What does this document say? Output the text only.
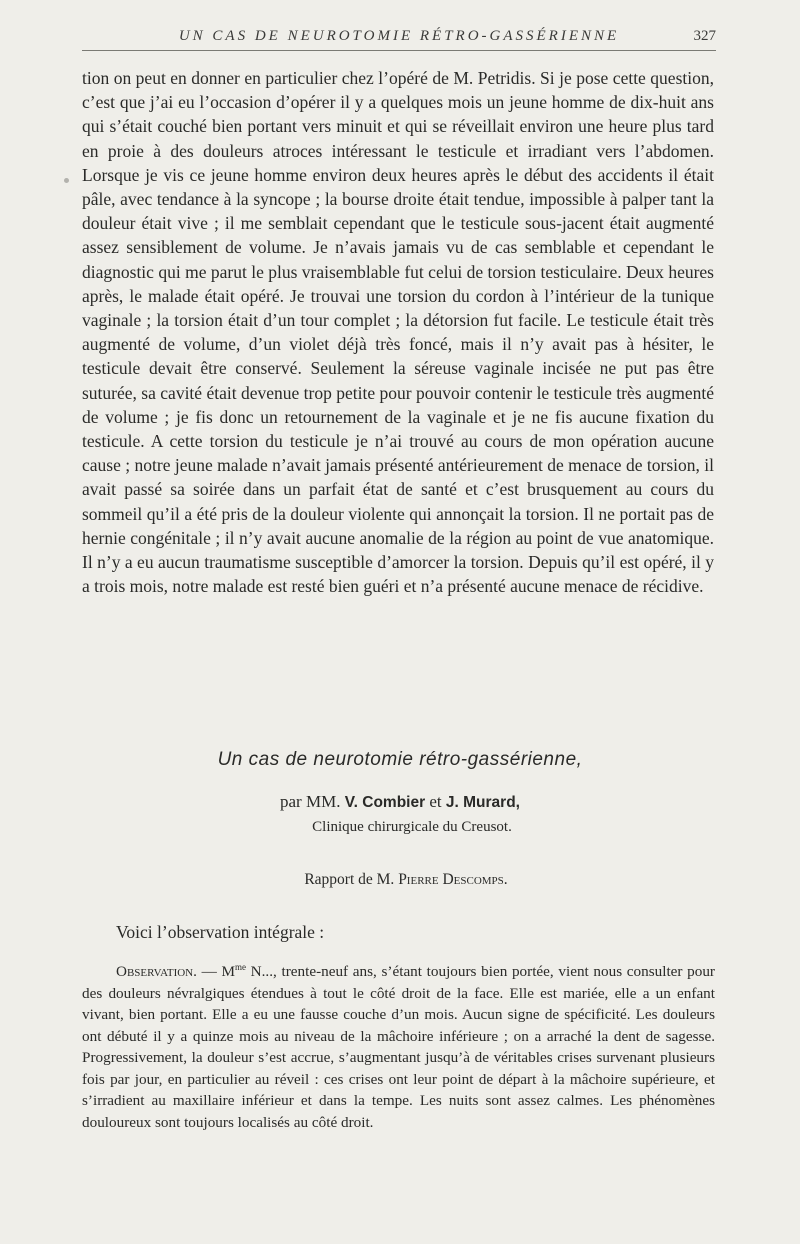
UN CAS DE NEUROTOMIE RÉTRO-GASSÉRIENNE	327

tion on peut en donner en particulier chez l’opéré de M. Petridis. Si je pose cette question, c’est que j’ai eu l’occasion d’opérer il y a quelques mois un jeune homme de dix-huit ans qui s’était couché bien portant vers minuit et qui se réveillait environ une heure plus tard en proie à des douleurs atroces intéressant le testicule et irradiant vers l’abdomen. Lorsque je vis ce jeune homme environ deux heures après le début des accidents il était pâle, avec tendance à la syncope ; la bourse droite était tendue, impossible à palper tant la douleur était vive ; il me semblait cependant que le testicule sous-jacent était augmenté assez sensiblement de volume. Je n’avais jamais vu de cas semblable et cependant le diagnostic qui me parut le plus vraisemblable fut celui de torsion testiculaire. Deux heures après, le malade était opéré. Je trouvai une torsion du cordon à l’intérieur de la tunique vaginale ; la torsion était d’un tour complet ; la détorsion fut facile. Le testicule était très augmenté de volume, d’un violet déjà très foncé, mais il n’y avait pas à hésiter, le testicule devait être conservé. Seulement la séreuse vaginale incisée ne put pas être suturée, sa cavité était devenue trop petite pour pouvoir contenir le testicule très augmenté de volume ; je fis donc un retournement de la vaginale et je ne fis aucune fixation du testicule. A cette torsion du testicule je n’ai trouvé au cours de mon opération aucune cause ; notre jeune malade n’avait jamais présenté antérieurement de menace de torsion, il avait passé sa soirée dans un parfait état de santé et c’est brusquement au cours du sommeil qu’il a été pris de la douleur violente qui annonçait la torsion. Il ne portait pas de hernie congénitale ; il n’y avait aucune anomalie de la région au point de vue anatomique. Il n’y a eu aucun traumatisme susceptible d’amorcer la torsion. Depuis qu’il est opéré, il y a trois mois, notre malade est resté bien guéri et n’a présenté aucune menace de récidive.

Un cas de neurotomie rétro-gassérienne,
par MM. V. Combier et J. Murard,
Clinique chirurgicale du Creusot.
Rapport de M. Pierre Descomps.
Voici l’observation intégrale :
Observation. — $M^{me}$ N..., trente-neuf ans, s’étant toujours bien portée, vient nous consulter pour des douleurs névralgiques étendues à tout le côté droit de la face. Elle est mariée, elle a un enfant vivant, bien portant. Elle a eu une fausse couche d’un mois. Aucun signe de spécificité. Les douleurs ont débuté il y a quinze mois au niveau de la mâchoire inférieure ; on a arraché la dent de sagesse. Progressivement, la douleur s’est accrue, s’augmentant jusqu’à de véritables crises survenant plusieurs fois par jour, en particulier au réveil : ces crises ont leur point de départ à la mâchoire supérieure, et s’irradient au maxillaire inférieur et dans la tempe. Les nuits sont assez calmes. Les phénomènes douloureux sont toujours localisés au côté droit.
